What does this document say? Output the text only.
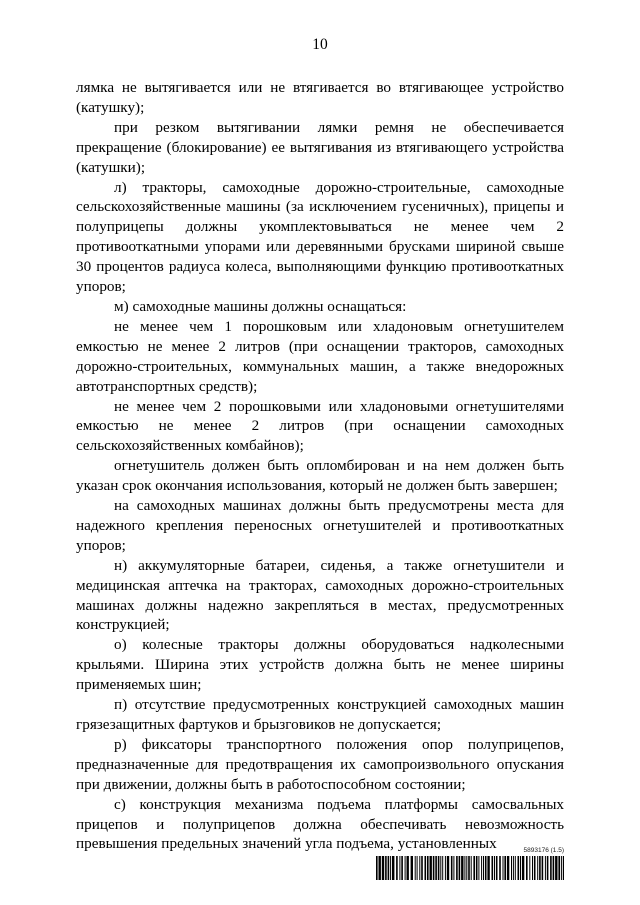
10

лямка не вытягивается или не втягивается во втягивающее устройство (катушку);

при резком вытягивании лямки ремня не обеспечивается прекращение (блокирование) ее вытягивания из втягивающего устройства (катушки);

л) тракторы, самоходные дорожно-строительные, самоходные сельскохозяйственные машины (за исключением гусеничных), прицепы и полуприцепы должны укомплектовываться не менее чем 2 противооткатными упорами или деревянными брусками шириной свыше 30 процентов радиуса колеса, выполняющими функцию противооткатных упоров;

м) самоходные машины должны оснащаться:

не менее чем 1 порошковым или хладоновым огнетушителем емкостью не менее 2 литров (при оснащении тракторов, самоходных дорожно-строительных, коммунальных машин, а также внедорожных автотранспортных средств);

не менее чем 2 порошковыми или хладоновыми огнетушителями емкостью не менее 2 литров (при оснащении самоходных сельскохозяйственных комбайнов);

огнетушитель должен быть опломбирован и на нем должен быть указан срок окончания использования, который не должен быть завершен;

на самоходных машинах должны быть предусмотрены места для надежного крепления переносных огнетушителей и противооткатных упоров;

н) аккумуляторные батареи, сиденья, а также огнетушители и медицинская аптечка на тракторах, самоходных дорожно-строительных машинах должны надежно закрепляться в местах, предусмотренных конструкцией;

о) колесные тракторы должны оборудоваться надколесными крыльями. Ширина этих устройств должна быть не менее ширины применяемых шин;

п) отсутствие предусмотренных конструкцией самоходных машин грязезащитных фартуков и брызговиков не допускается;

р) фиксаторы транспортного положения опор полуприцепов, предназначенные для предотвращения их самопроизвольного опускания при движении, должны быть в работоспособном состоянии;

с) конструкция механизма подъема платформы самосвальных прицепов и полуприцепов должна обеспечивать невозможность превышения предельных значений угла подъема, установленных	5893176 (1.5)
